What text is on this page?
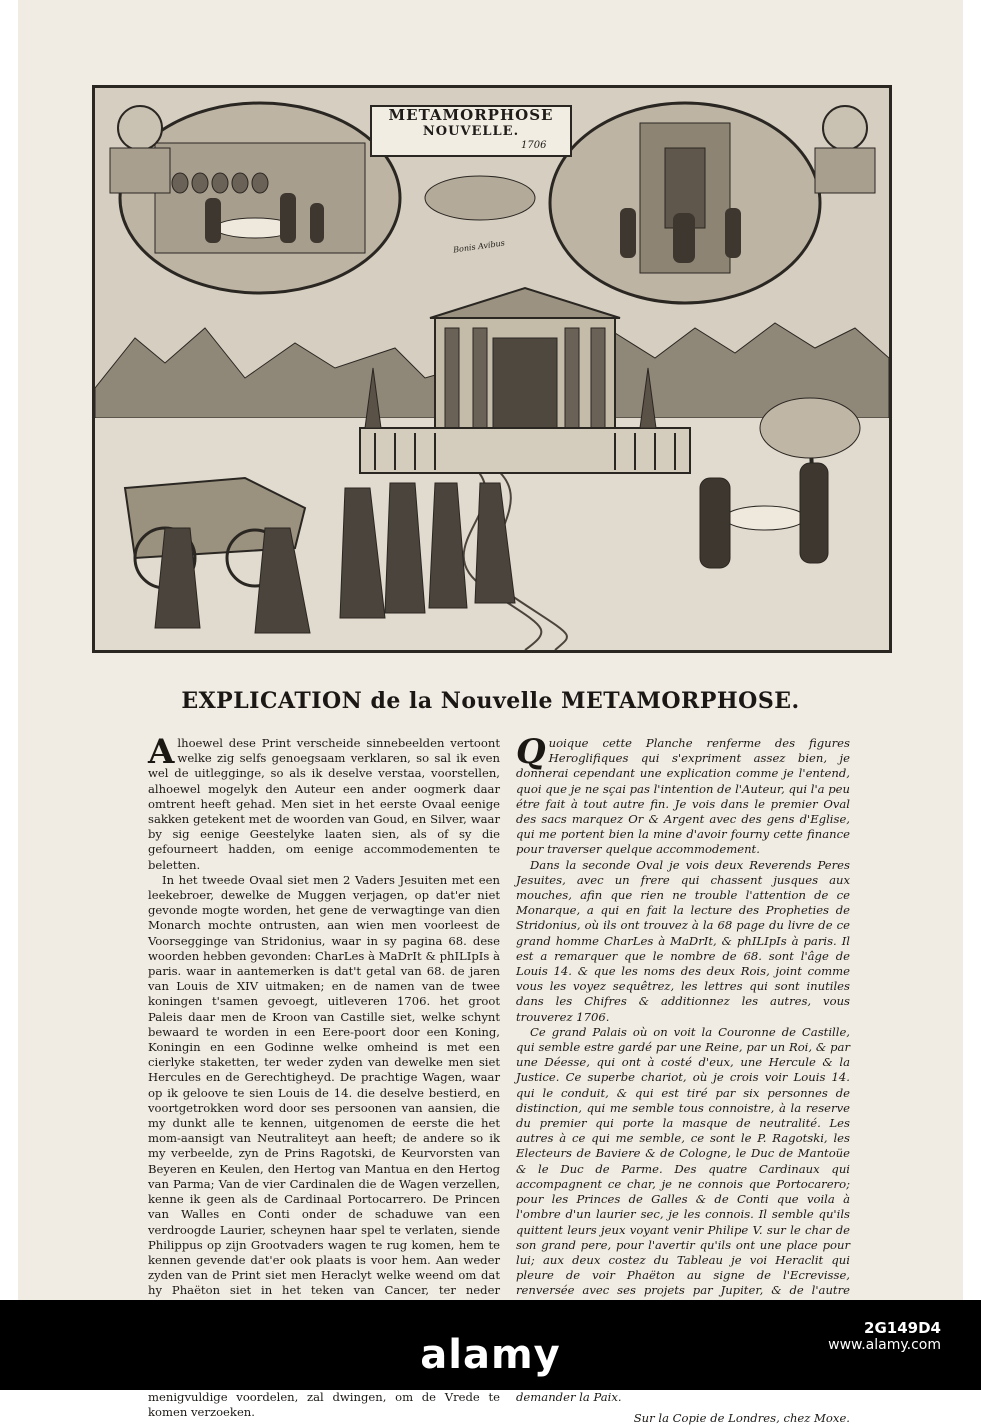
METAMORPHOSE
NOUVELLE.
1706
Bonis Avibus
EXPLICATION de la Nouvelle METAMORPHOSE.

Alhoewel dese Print verscheide sinnebeelden vertoont welke zig selfs genoegsaam verklaren, so sal ik even wel de uitlegginge, so als ik deselve verstaa, voorstellen, alhoewel mogelyk den Auteur een ander oogmerk daar omtrent heeft gehad. Men siet in het eerste Ovaal eenige sakken getekent met de woorden van Goud, en Silver, waar by sig eenige Geestelyke laaten sien, als of sy die gefourneert hadden, om eenige accommodementen te beletten.

In het tweede Ovaal siet men 2 Vaders Jesuiten met een leekebroer, dewelke de Muggen verjagen, op dat'er niet gevonde mogte worden, het gene de verwagtinge van dien Monarch mochte ontrusten, aan wien men voorleest de Voorsegginge van Stridonius, waar in sy pagina 68. dese woorden hebben gevonden: CharLes à MaDrIt & phILIpIs à paris. waar in aantemerken is dat't getal van 68. de jaren van Louis de XIV uitmaken; en de namen van de twee koningen t'samen gevoegt, uitleveren 1706. het groot Paleis daar men de Kroon van Castille siet, welke schynt bewaard te worden in een Eere-poort door een Koning, Koningin en een Godinne welke omheind is met een cierlyke staketten, ter weder zyden van dewelke men siet Hercules en de Gerechtigheyd. De prachtige Wagen, waar op ik geloove te sien Louis de 14. die deselve bestierd, en voortgetrokken word door ses persoonen van aansien, die my dunkt alle te kennen, uitgenomen de eerste die het mom-aansigt van Neutraliteyt aan heeft; de andere so ik my verbeelde, zyn de Prins Ragotski, de Keurvorsten van Beyeren en Keulen, den Hertog van Mantua en den Hertog van Parma; Van de vier Cardinalen die de Wagen verzellen, kenne ik geen als de Cardinaal Portocarrero. De Princen van Walles en Conti onder de schaduwe van een verdroogde Laurier, scheynen haar spel te verlaten, siende Philippus op zijn Grootvaders wagen te rug komen, hem te kennen gevende dat'er ook plaats is voor hem. Aan weder zyden van de Print siet men Heraclyt welke weend om dat hy Phaëton siet in het teken van Cancer, ter neder menigvuldige voordelen, zal dwingen, om de Vrede te komen verzoeken.

Quoique cette Planche renferme des figures Heroglifiques qui s'expriment assez bien, je donnerai cependant une explication comme je l'entend, quoi que je ne sçai pas l'intention de l'Auteur, qui l'a peu étre fait à tout autre fin. Je vois dans le premier Oval des sacs marquez Or & Argent avec des gens d'Eglise, qui me portent bien la mine d'avoir fourny cette finance pour traverser quelque accommodement.

Dans la seconde Oval je vois deux Reverends Peres Jesuites, avec un frere qui chassent jusques aux mouches, afin que rien ne trouble l'attention de ce Monarque, a qui en fait la lecture des Propheties de Stridonius, où ils ont trouvez à la 68 page du livre de ce grand homme CharLes à MaDrIt, & phILIpIs à paris. Il est a remarquer que le nombre de 68. sont l'âge de Louis 14. & que les noms des deux Rois, joint comme vous les voyez sequêtrez, les lettres qui sont inutiles dans les Chifres & additionnez les autres, vous trouverez 1706.

Ce grand Palais où on voit la Couronne de Castille, qui semble estre gardé par une Reine, par un Roi, & par une Déesse, qui ont à costé d'eux, une Hercule & la Justice. Ce superbe chariot, où je crois voir Louis 14. qui le conduit, & qui est tiré par six personnes de distinction, qui me semble tous connoistre, à la reserve du premier qui porte la masque de neutralité. Les autres à ce qui me semble, ce sont le P. Ragotski, les Electeurs de Baviere & de Cologne, le Duc de Mantoüe & le Duc de Parme. Des quatre Cardinaux qui accompagnent ce char, je ne connois que Portocarero; pour les Princes de Galles & de Conti que voila à l'ombre d'un laurier sec, je les connois. Il semble qu'ils quittent leurs jeux voyant venir Philipe V. sur le char de son grand pere, pour l'avertir qu'ils ont une place pour lui; aux deux costez du Tableau je voi Heraclit qui pleure de voir Phaëton au signe de l'Ecrevisse, renversée avec ses projets par Jupiter, & de l'autre demander la Paix.

Sur la Copie de Londres, chez Moxe.
alamy
2G149D4
www.alamy.com
